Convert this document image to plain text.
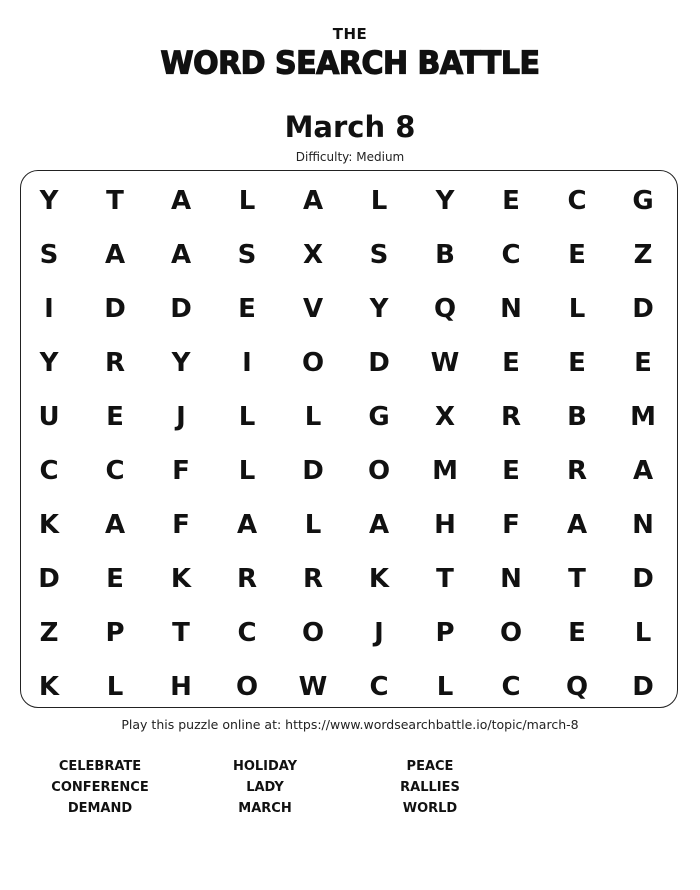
THE
WORD SEARCH BATTLE
March 8
Difficulty: Medium
Y	T	A	L	A	L	Y	E	C	G
S	A	A	S	X	S	B	C	E	Z
I	D	D	E	V	Y	Q	N	L	D
Y	R	Y	I	O	D	W	E	E	E
U	E	J	L	L	G	X	R	B	M
C	C	F	L	D	O	M	E	R	A
K	A	F	A	L	A	H	F	A	N
D	E	K	R	R	K	T	N	T	D
Z	P	T	C	O	J	P	O	E	L
K	L	H	O	W	C	L	C	Q	D
Play this puzzle online at: https://www.wordsearchbattle.io/topic/march-8
CELEBRATE
CONFERENCE
DEMAND
HOLIDAY
LADY
MARCH
PEACE
RALLIES
WORLD
